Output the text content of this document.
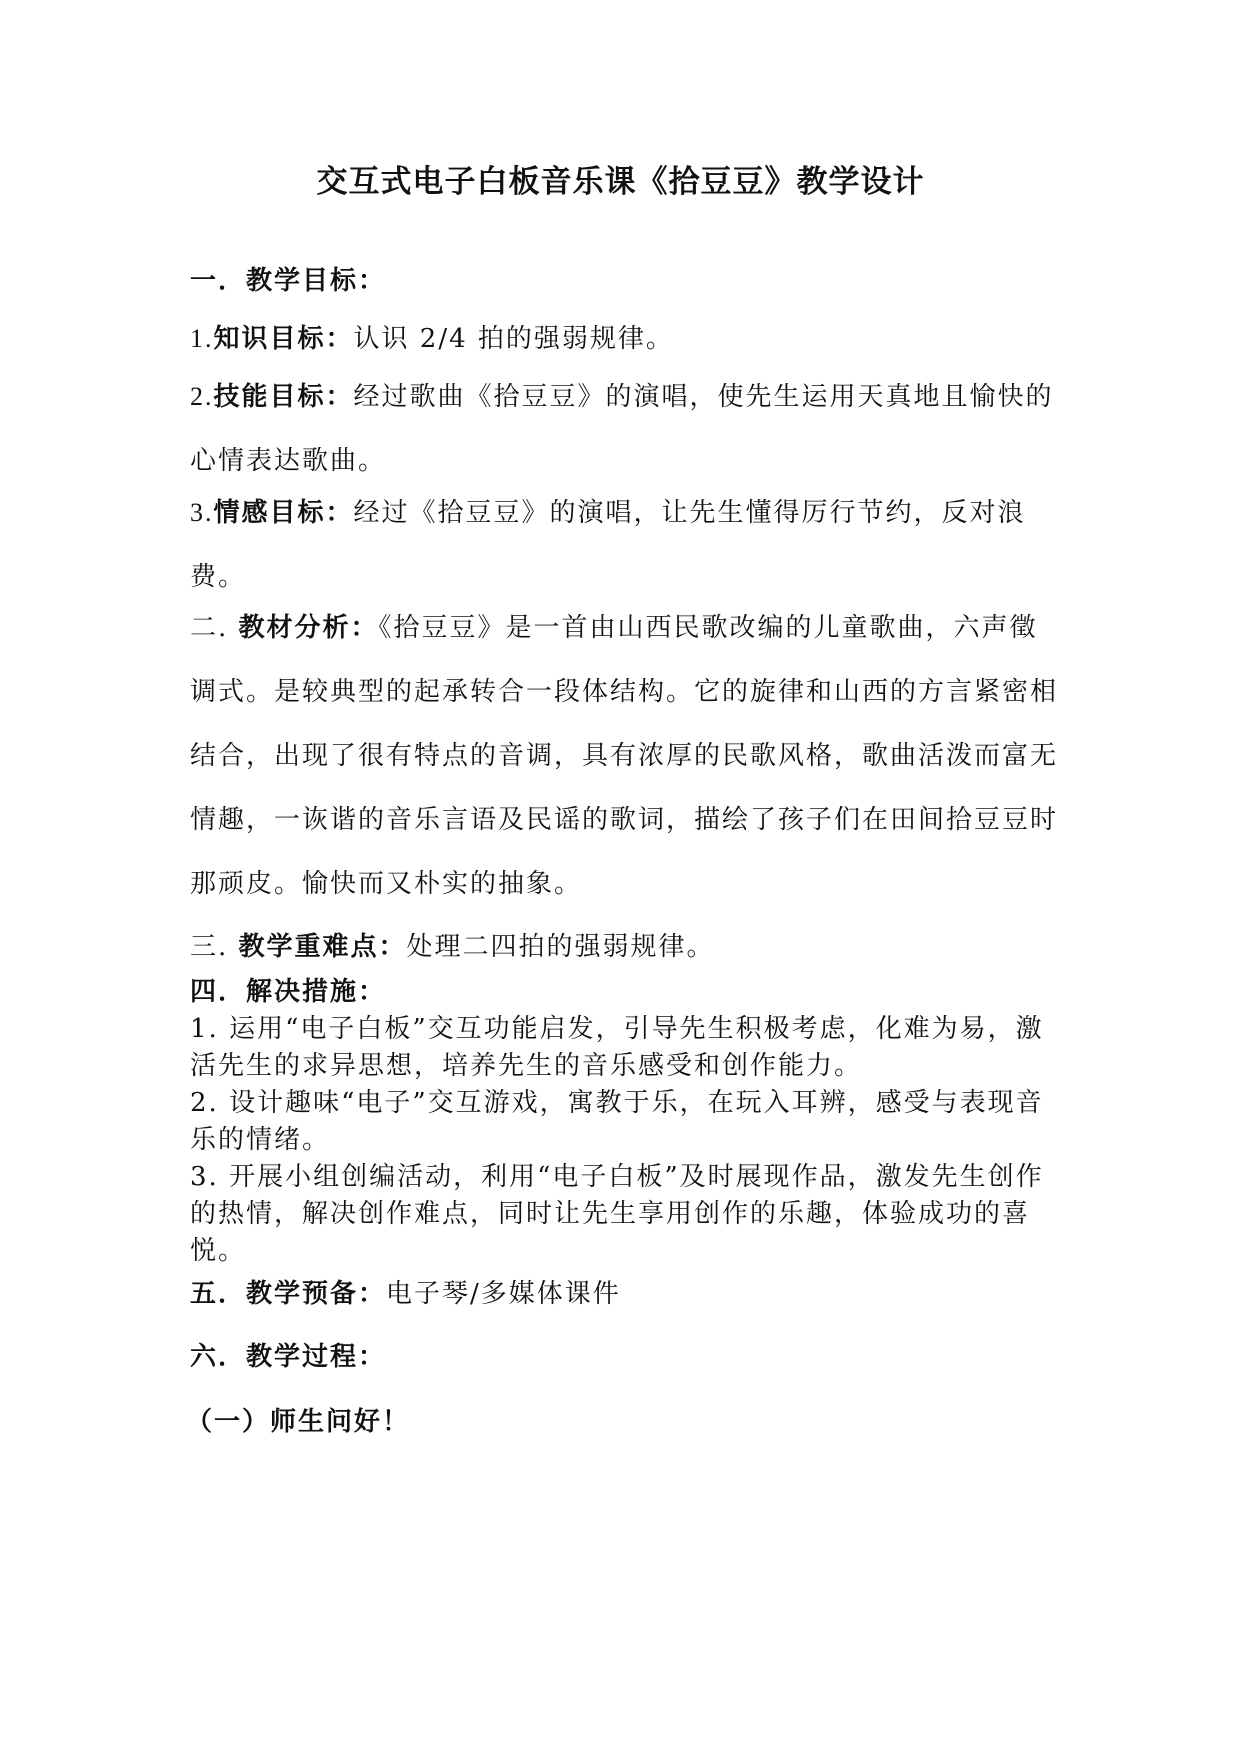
交互式电子白板音乐课《拾豆豆》教学设计
一．教学目标：
1.知识目标：认识 2/4 拍的强弱规律。
2.技能目标：经过歌曲《拾豆豆》的演唱，使先生运用天真地且愉快的心情表达歌曲。
3.情感目标：经过《拾豆豆》的演唱，让先生懂得厉行节约，反对浪费。
二. 教材分析：《拾豆豆》是一首由山西民歌改编的儿童歌曲，六声徵调式。是较典型的起承转合一段体结构。它的旋律和山西的方言紧密相结合，出现了很有特点的音调，具有浓厚的民歌风格，歌曲活泼而富无情趣，一诙谐的音乐言语及民谣的歌词，描绘了孩子们在田间拾豆豆时那顽皮。愉快而又朴实的抽象。
三. 教学重难点：处理二四拍的强弱规律。
四．解决措施：
1. 运用“电子白板”交互功能启发，引导先生积极考虑，化难为易，激活先生的求异思想，培养先生的音乐感受和创作能力。
2. 设计趣味“电子”交互游戏，寓教于乐，在玩入耳辨，感受与表现音乐的情绪。
3. 开展小组创编活动，利用“电子白板”及时展现作品，激发先生创作的热情，解决创作难点，同时让先生享用创作的乐趣，体验成功的喜悦。
五．教学预备：电子琴/多媒体课件
六．教学过程：
（一）师生问好！
